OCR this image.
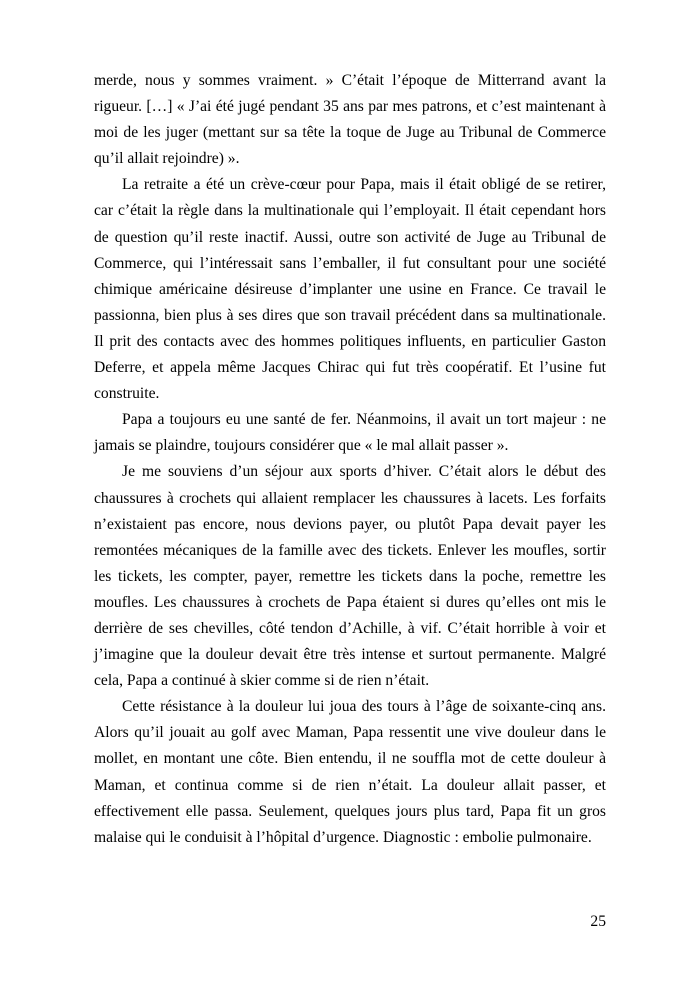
merde, nous y sommes vraiment. » C’était l’époque de Mitterrand avant la rigueur. […] « J’ai été jugé pendant 35 ans par mes patrons, et c’est maintenant à moi de les juger (mettant sur sa tête la toque de Juge au Tribunal de Commerce qu’il allait rejoindre) ».

La retraite a été un crève-cœur pour Papa, mais il était obligé de se retirer, car c’était la règle dans la multinationale qui l’employait. Il était cependant hors de question qu’il reste inactif. Aussi, outre son activité de Juge au Tribunal de Commerce, qui l’intéressait sans l’emballer, il fut consultant pour une société chimique américaine désireuse d’implanter une usine en France. Ce travail le passionna, bien plus à ses dires que son travail précédent dans sa multinationale. Il prit des contacts avec des hommes politiques influents, en particulier Gaston Deferre, et appela même Jacques Chirac qui fut très coopératif. Et l’usine fut construite.

Papa a toujours eu une santé de fer. Néanmoins, il avait un tort majeur : ne jamais se plaindre, toujours considérer que « le mal allait passer ».

Je me souviens d’un séjour aux sports d’hiver. C’était alors le début des chaussures à crochets qui allaient remplacer les chaussures à lacets. Les forfaits n’existaient pas encore, nous devions payer, ou plutôt Papa devait payer les remontées mécaniques de la famille avec des tickets. Enlever les moufles, sortir les tickets, les compter, payer, remettre les tickets dans la poche, remettre les moufles. Les chaussures à crochets de Papa étaient si dures qu’elles ont mis le derrière de ses chevilles, côté tendon d’Achille, à vif. C’était horrible à voir et j’imagine que la douleur devait être très intense et surtout permanente. Malgré cela, Papa a continué à skier comme si de rien n’était.

Cette résistance à la douleur lui joua des tours à l’âge de soixante-cinq ans. Alors qu’il jouait au golf avec Maman, Papa ressentit une vive douleur dans le mollet, en montant une côte. Bien entendu, il ne souffla mot de cette douleur à Maman, et continua comme si de rien n’était. La douleur allait passer, et effectivement elle passa. Seulement, quelques jours plus tard, Papa fit un gros malaise qui le conduisit à l’hôpital d’urgence. Diagnostic : embolie pulmonaire.

25
